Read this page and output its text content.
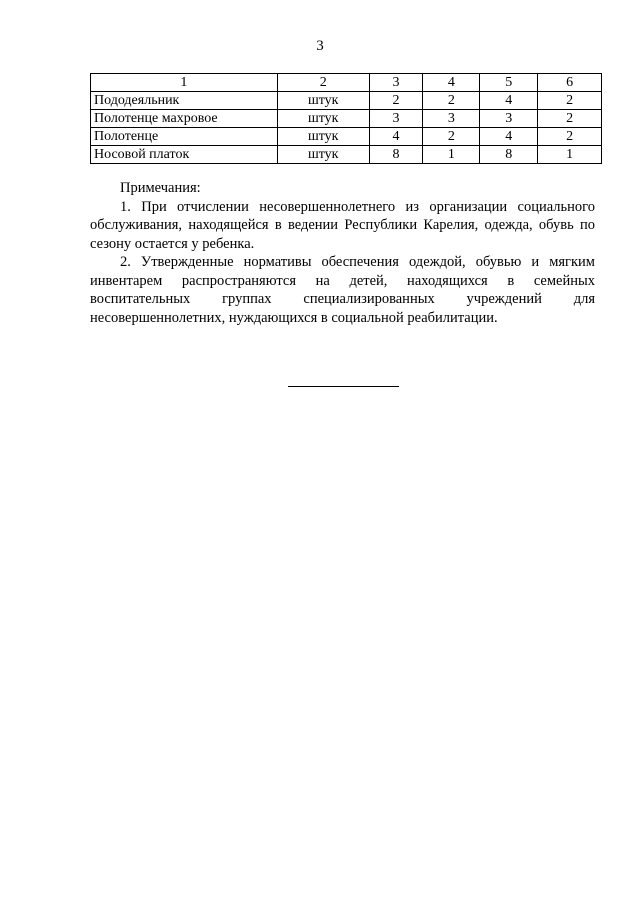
3
1	2	3	4	5	6
Пододеяльник	штук	2	2	4	2
Полотенце махровое	штук	3	3	3	2
Полотенце	штук	4	2	4	2
Носовой платок	штук	8	1	8	1

Примечания:

1. При отчислении несовершеннолетнего из организации социального обслуживания, находящейся в ведении Республики Карелия, одежда, обувь по сезону остается у ребенка.

2. Утвержденные нормативы обеспечения одеждой, обувью и мягким инвентарем распространяются на детей, находящихся в семейных воспитательных группах специализированных учреждений для несовершеннолетних, нуждающихся в социальной реабилитации.
